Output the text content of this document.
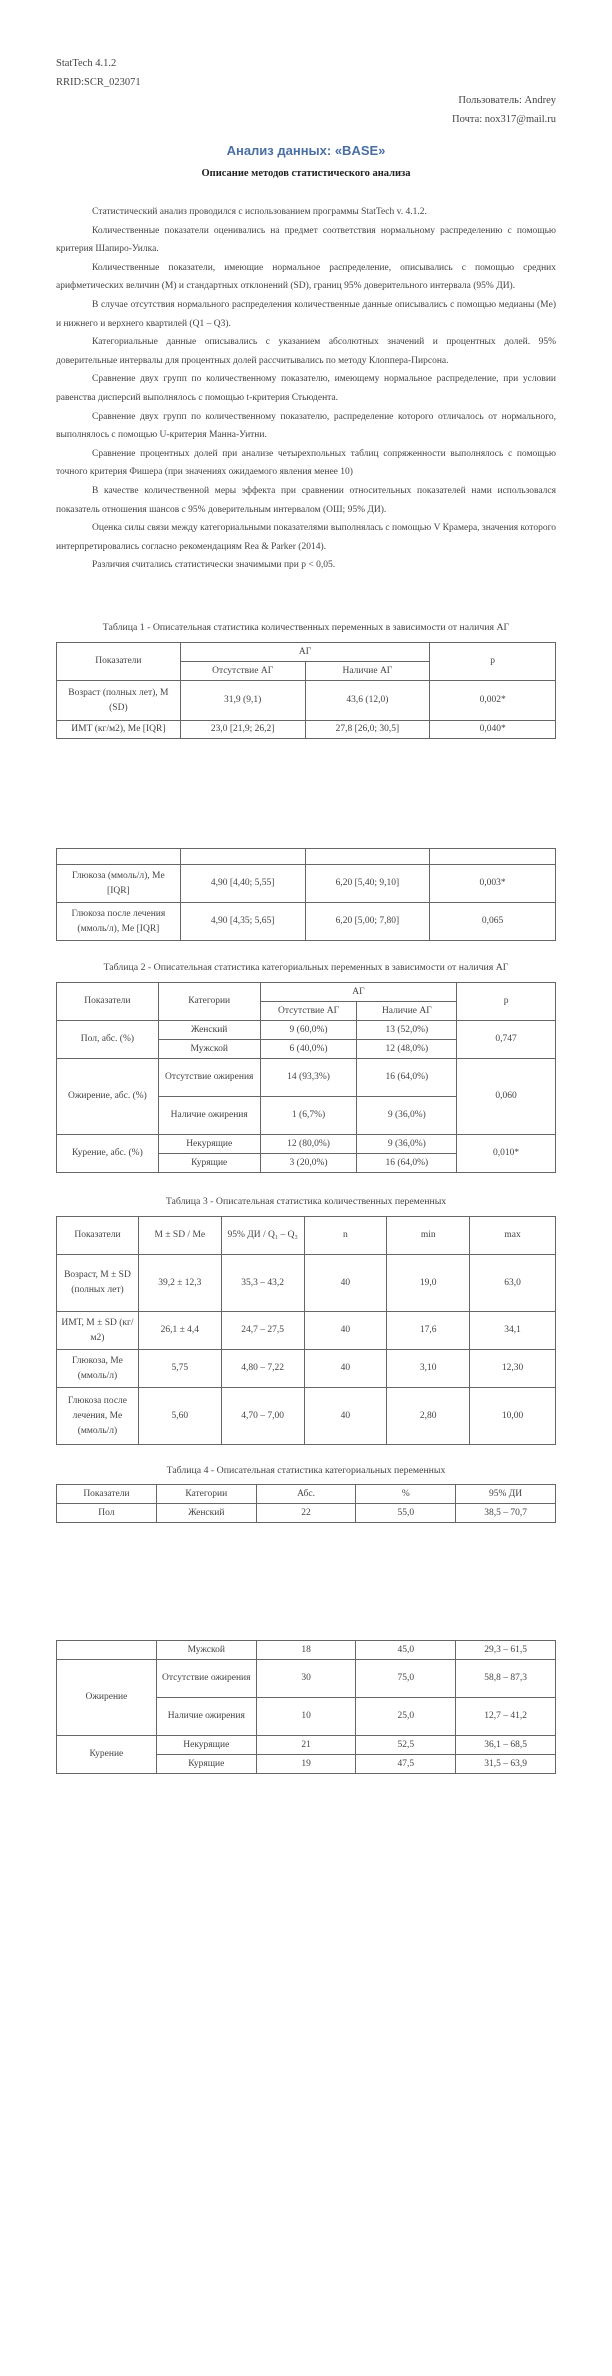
StatTech 4.1.2
RRID:SCR_023071
Пользователь: Andrey
Почта: nox317@mail.ru
Анализ данных: «BASE»
Описание методов статистического анализа

Статистический анализ проводился с использованием программы StatTech v. 4.1.2.

Количественные показатели оценивались на предмет соответствия нормальному распределению с помощью критерия Шапиро-Уилка.

Количественные показатели, имеющие нормальное распределение, описывались с помощью средних арифметических величин (M) и стандартных отклонений (SD), границ 95% доверительного интервала (95% ДИ).

В случае отсутствия нормального распределения количественные данные описывались с помощью медианы (Me) и нижнего и верхнего квартилей (Q1 – Q3).

Категориальные данные описывались с указанием абсолютных значений и процентных долей. 95% доверительные интервалы для процентных долей рассчитывались по методу Клоппера-Пирсона.

Сравнение двух групп по количественному показателю, имеющему нормальное распределение, при условии равенства дисперсий выполнялось с помощью t-критерия Стьюдента.

Сравнение двух групп по количественному показателю, распределение которого отличалось от нормального, выполнялось с помощью U-критерия Манна-Уитни.

Сравнение процентных долей при анализе четырехпольных таблиц сопряженности выполнялось с помощью точного критерия Фишера (при значениях ожидаемого явления менее 10)

В качестве количественной меры эффекта при сравнении относительных показателей нами использовался показатель отношения шансов с 95% доверительным интервалом (ОШ; 95% ДИ).

Оценка силы связи между категориальными показателями выполнялась с помощью V Крамера, значения которого интерпретировались согласно рекомендациям Rea & Parker (2014).

Различия считались статистически значимыми при p < 0,05.

Таблица 1 - Описательная статистика количественных переменных в зависимости от наличия АГ
Показатели	АГ		p
	Отсутствие АГ	Наличие АГ	
Возраст (полных лет), M (SD)	31,9 (9,1)	43,6 (12,0)	0,002*
ИМТ (кг/м2), Me [IQR]	23,0 [21,9; 26,2]	27,8 [26,0; 30,5]	0,040*

Глюкоза (ммоль/л), Me [IQR]	4,90 [4,40; 5,55]	6,20 [5,40; 9,10]	0,003*
Глюкоза после лечения (ммоль/л), Me [IQR]	4,90 [4,35; 5,65]	6,20 [5,00; 7,80]	0,065
Таблица 2 - Описательная статистика категориальных переменных в зависимости от наличия АГ
Показатели	Категории	АГ		p
		Отсутствие АГ	Наличие АГ	
Пол, абс. (%)	Женский	9 (60,0%)	13 (52,0%)	0,747
	Мужской	6 (40,0%)	12 (48,0%)	
Ожирение, абс. (%)	Отсутствие ожирения	14 (93,3%)	16 (64,0%)	0,060
	Наличие ожирения	1 (6,7%)	9 (36,0%)	
Курение, абс. (%)	Некурящие	12 (80,0%)	9 (36,0%)	0,010*
	Курящие	3 (20,0%)	16 (64,0%)	
Таблица 3 - Описательная статистика количественных переменных
Показатели	M ± SD / Me	95% ДИ / Q₁ – Q₃	n	min	max
Возраст, M ± SD (полных лет)	39,2 ± 12,3	35,3 – 43,2	40	19,0	63,0
ИМТ, M ± SD (кг/м2)	26,1 ± 4,4	24,7 – 27,5	40	17,6	34,1
Глюкоза, Me (ммоль/л)	5,75	4,80 – 7,22	40	3,10	12,30
Глюкоза после лечения, Me (ммоль/л)	5,60	4,70 – 7,00	40	2,80	10,00
Таблица 4 - Описательная статистика категориальных переменных
Показатели	Категории	Абс.	%	95% ДИ
Пол	Женский	22	55,0	38,5 – 70,7
	Мужской	18	45,0	29,3 – 61,5
Ожирение	Отсутствие ожирения	30	75,0	58,8 – 87,3
	Наличие ожирения	10	25,0	12,7 – 41,2
Курение	Некурящие	21	52,5	36,1 – 68,5
	Курящие	19	47,5	31,5 – 63,9
